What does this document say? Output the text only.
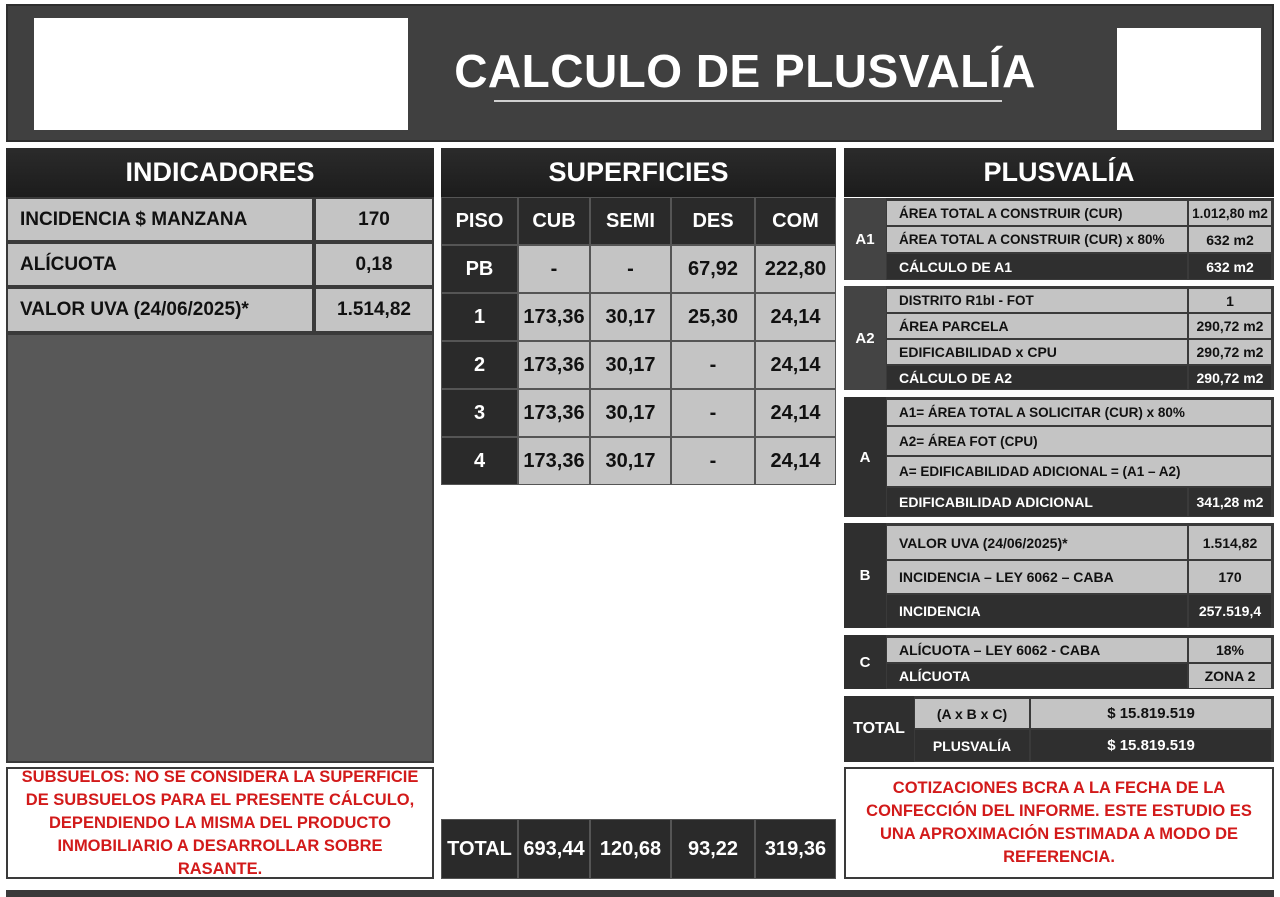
CALCULO DE PLUSVALÍA
INDICADORES
INCIDENCIA $ MANZANA	170
ALÍCUOTA	0,18
VALOR UVA (24/06/2025)*	1.514,82
SUBSUELOS: NO SE CONSIDERA LA SUPERFICIE DE SUBSUELOS PARA EL PRESENTE CÁLCULO, DEPENDIENDO LA MISMA DEL PRODUCTO INMOBILIARIO A DESARROLLAR SOBRE RASANTE.
SUPERFICIES
PISO	CUB	SEMI	DES	COM
PB	-	-	67,92	222,80
1	173,36	30,17	25,30	24,14
2	173,36	30,17	-	24,14
3	173,36	30,17	-	24,14
4	173,36	30,17	-	24,14
TOTAL 693,44 120,68	93,22	319,36
PLUSVALÍA
A1
ÁREA TOTAL A CONSTRUIR (CUR)	1.012,80 m2
ÁREA TOTAL A CONSTRUIR (CUR) x 80%	632 m2
CÁLCULO DE A1	632 m2
A2
DISTRITO R1bI - FOT	1
ÁREA PARCELA	290,72 m2
EDIFICABILIDAD x CPU	290,72 m2
CÁLCULO DE A2	290,72 m2
A
A1= ÁREA TOTAL A SOLICITAR (CUR) x 80%
A2= ÁREA FOT (CPU)
A= EDIFICABILIDAD ADICIONAL = (A1 – A2)
EDIFICABILIDAD ADICIONAL	341,28 m2
B
VALOR UVA (24/06/2025)*	1.514,82
INCIDENCIA – LEY 6062 – CABA	170
INCIDENCIA	257.519,4
C
ALÍCUOTA – LEY 6062 - CABA	18%
ALÍCUOTA	ZONA 2
TOTAL
(A x B x C)	$ 15.819.519
PLUSVALÍA	$ 15.819.519
COTIZACIONES BCRA A LA FECHA DE LA CONFECCIÓN DEL INFORME. ESTE ESTUDIO ES UNA APROXIMACIÓN ESTIMADA A MODO DE REFERENCIA.
